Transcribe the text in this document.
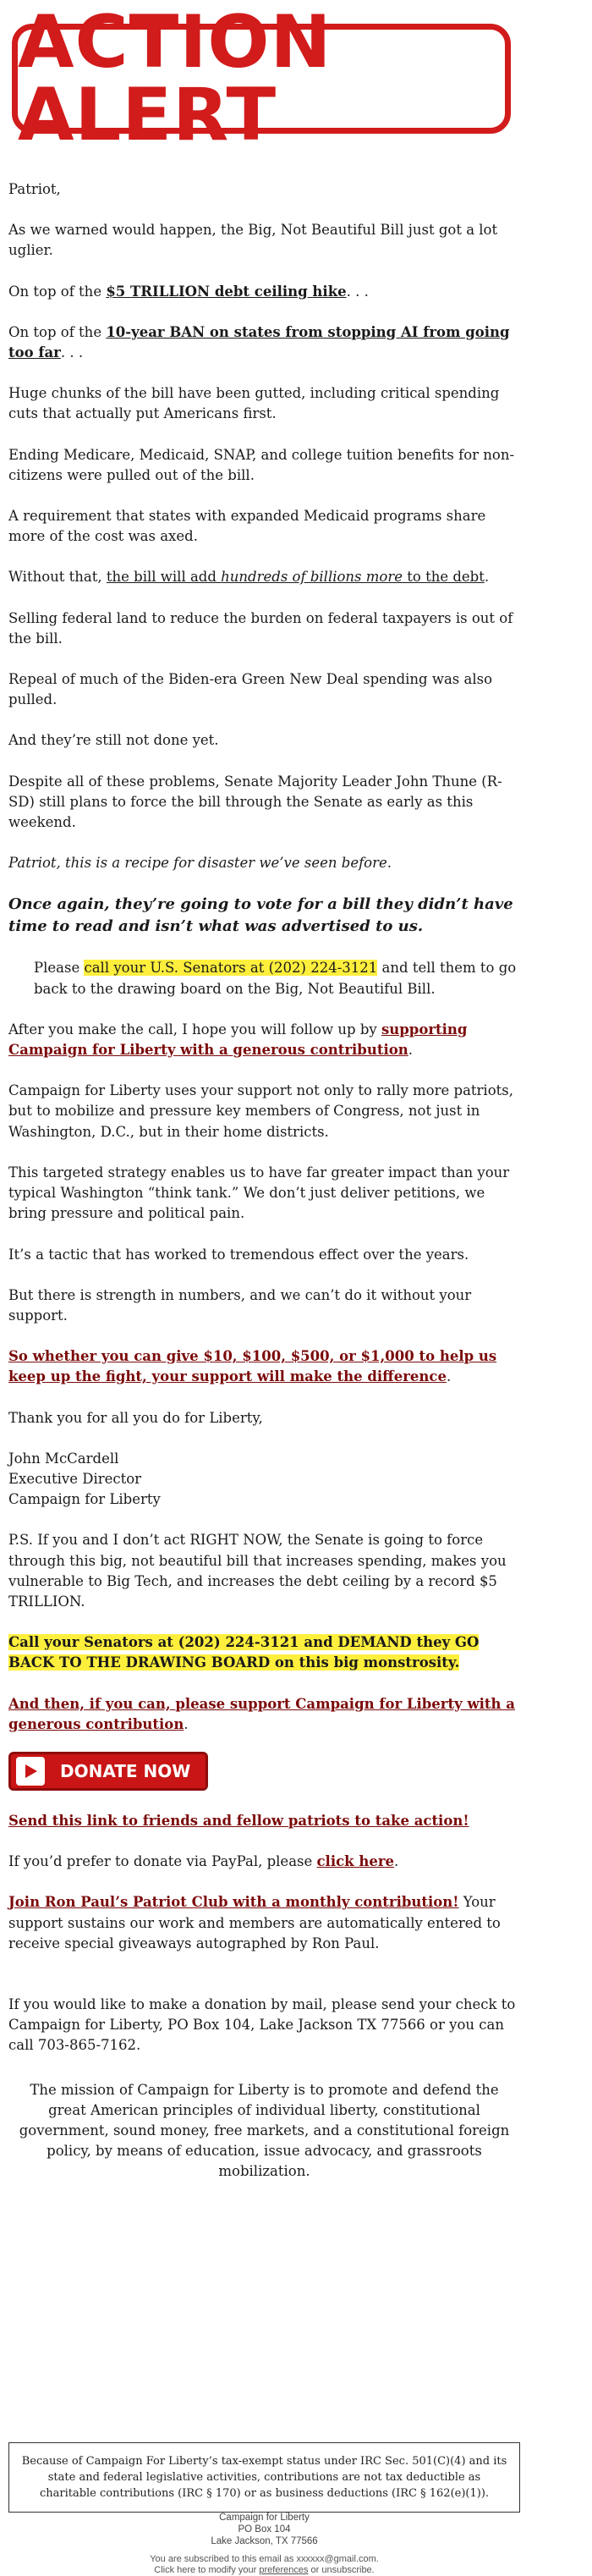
ACTION ALERT

Patriot,

As we warned would happen, the Big, Not Beautiful Bill just got a lot uglier.

On top of the $5 TRILLION debt ceiling hike. . .

On top of the 10-year BAN on states from stopping AI from going too far. . .

Huge chunks of the bill have been gutted, including critical spending cuts that actually put Americans first.

Ending Medicare, Medicaid, SNAP, and college tuition benefits for non-citizens were pulled out of the bill.

A requirement that states with expanded Medicaid programs share more of the cost was axed.

Without that, the bill will add hundreds of billions more to the debt.

Selling federal land to reduce the burden on federal taxpayers is out of the bill.

Repeal of much of the Biden-era Green New Deal spending was also pulled.

And they’re still not done yet.

Despite all of these problems, Senate Majority Leader John Thune (R-SD) still plans to force the bill through the Senate as early as this weekend.

Patriot, this is a recipe for disaster we’ve seen before.

Once again, they’re going to vote for a bill they didn’t have time to read and isn’t what was advertised to us.

Please call your U.S. Senators at (202) 224-3121 and tell them to go back to the drawing board on the Big, Not Beautiful Bill.

After you make the call, I hope you will follow up by supporting Campaign for Liberty with a generous contribution.

Campaign for Liberty uses your support not only to rally more patriots, but to mobilize and pressure key members of Congress, not just in Washington, D.C., but in their home districts.

This targeted strategy enables us to have far greater impact than your typical Washington “think tank.” We don’t just deliver petitions, we bring pressure and political pain.

It’s a tactic that has worked to tremendous effect over the years.

But there is strength in numbers, and we can’t do it without your support.

So whether you can give $10, $100, $500, or $1,000 to help us keep up the fight, your support will make the difference.

Thank you for all you do for Liberty,

John McCardell

Executive Director

Campaign for Liberty

P.S. If you and I don’t act RIGHT NOW, the Senate is going to force through this big, not beautiful bill that increases spending, makes you vulnerable to Big Tech, and increases the debt ceiling by a record $5 TRILLION.

Call your Senators at (202) 224-3121 and DEMAND they GO BACK TO THE DRAWING BOARD on this big monstrosity.

And then, if you can, please support Campaign for Liberty with a generous contribution.

DONATE NOW

Send this link to friends and fellow patriots to take action!

If you’d prefer to donate via PayPal, please click here.

Join Ron Paul’s Patriot Club with a monthly contribution! Your support sustains our work and members are automatically entered to receive special giveaways autographed by Ron Paul.

If you would like to make a donation by mail, please send your check to Campaign for Liberty, PO Box 104, Lake Jackson TX 77566 or you can call 703-865-7162.

The mission of Campaign for Liberty is to promote and defend the great American principles of individual liberty, constitutional government, sound money, free markets, and a constitutional foreign policy, by means of education, issue advocacy, and grassroots mobilization.

Because of Campaign For Liberty’s tax-exempt status under IRC Sec. 501(C)(4) and its state and federal legislative activities, contributions are not tax deductible as charitable contributions (IRC § 170) or as business deductions (IRC § 162(e)(1)).
Campaign for Liberty
PO Box 104
Lake Jackson, TX 77566
You are subscribed to this email as xxxxxx@gmail.com.
Click here to modify your preferences or unsubscribe.
